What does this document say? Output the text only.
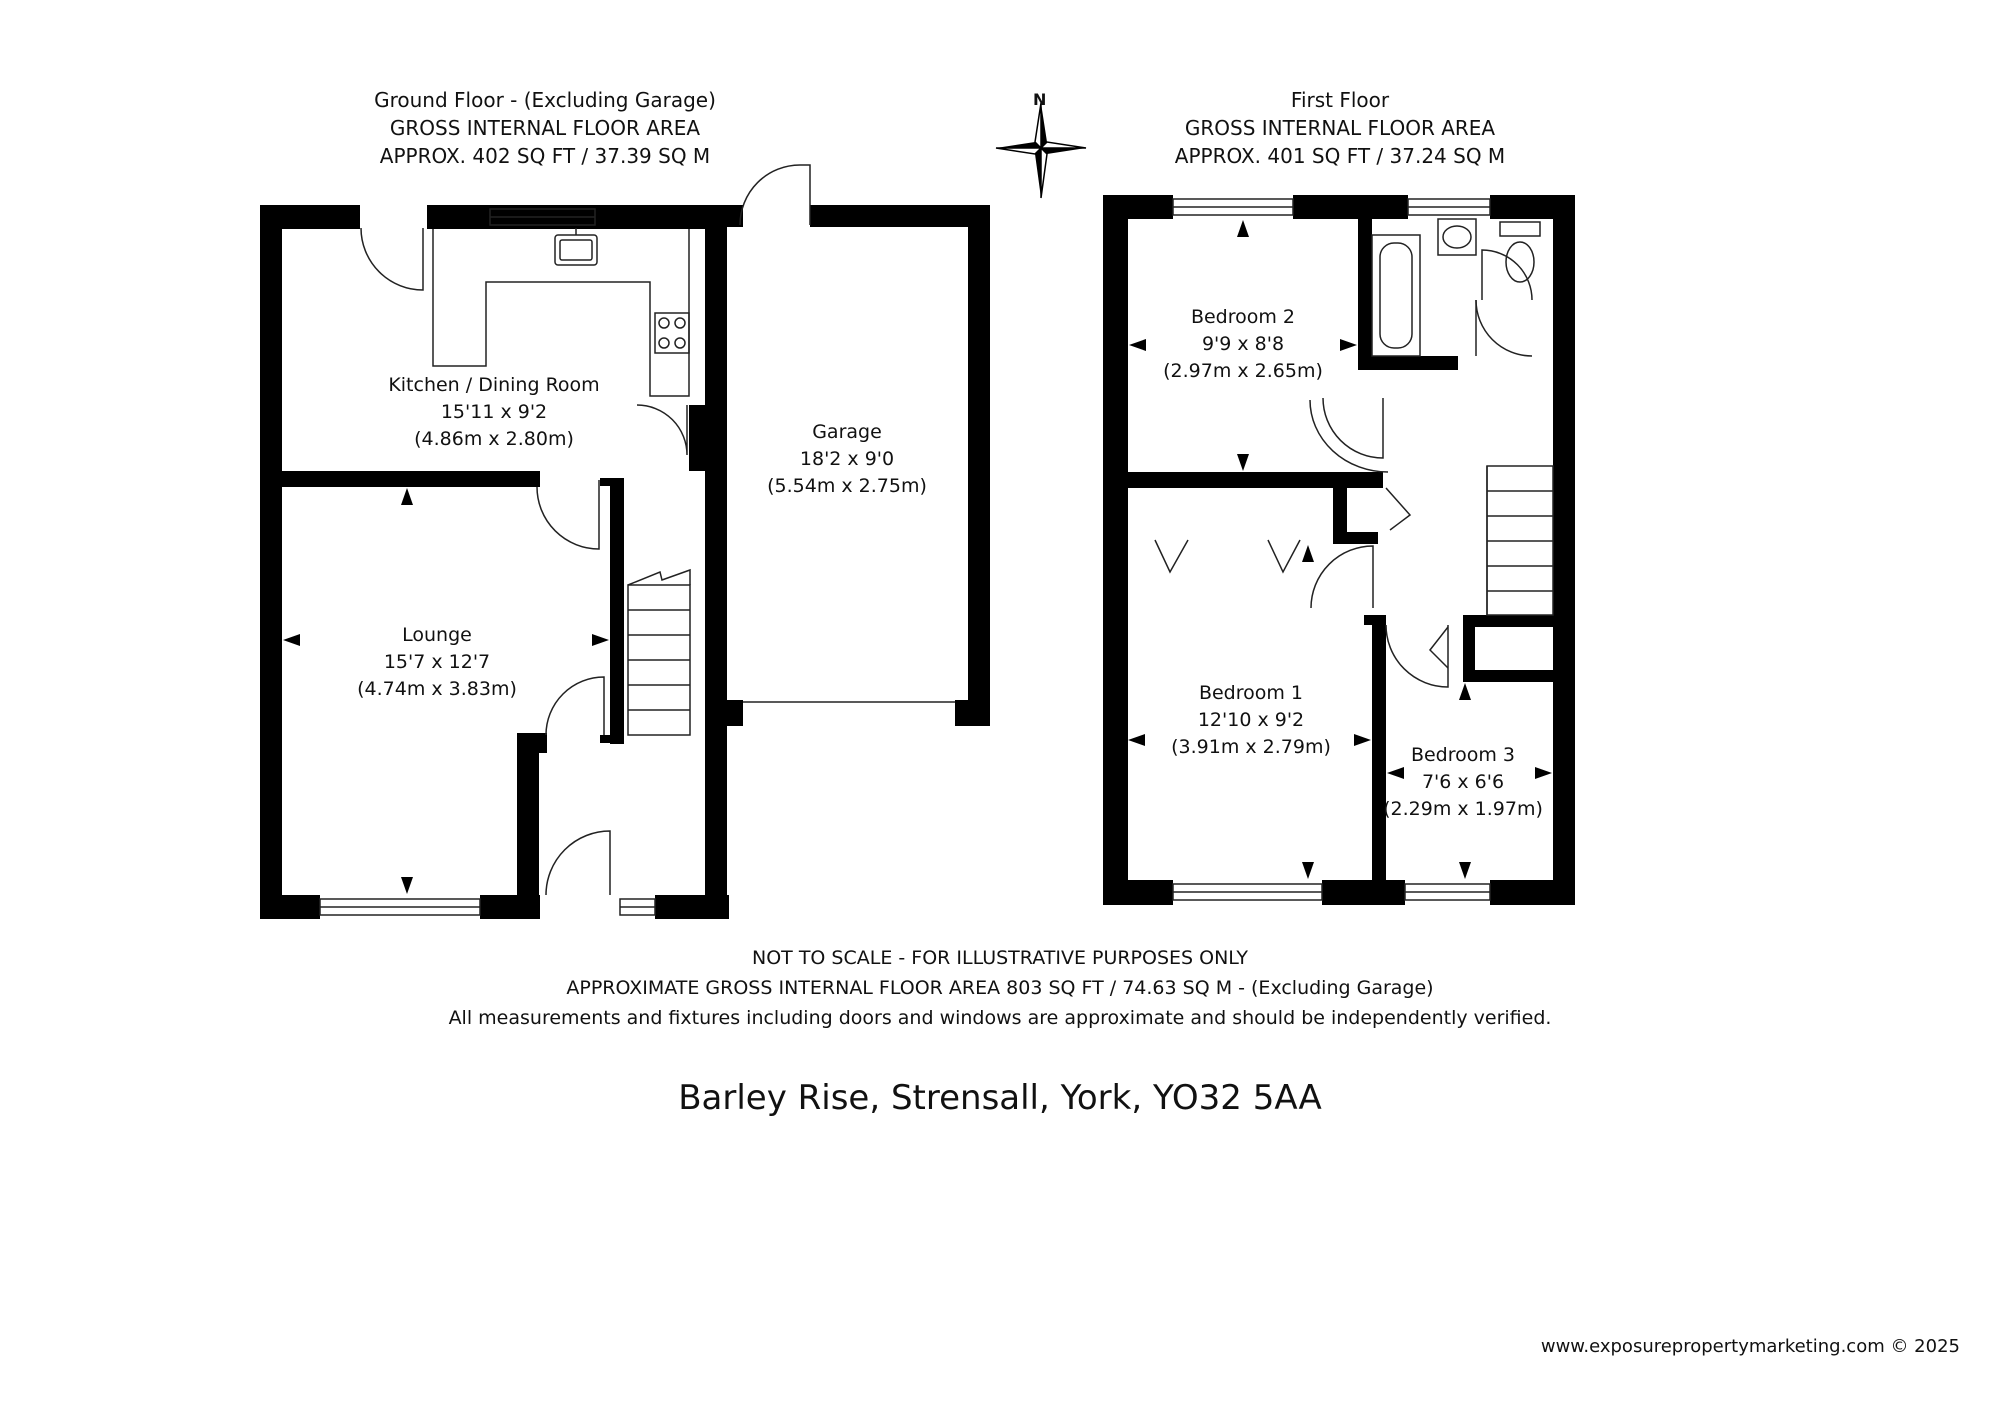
Ground Floor - (Excluding Garage)
GROSS INTERNAL FLOOR AREA
APPROX. 402 SQ FT / 37.39 SQ M
First Floor
GROSS INTERNAL FLOOR AREA
APPROX. 401 SQ FT / 37.24 SQ M
N
Kitchen / Dining Room
15'11 x 9'2
(4.86m x 2.80m)
Lounge
15'7 x 12'7
(4.74m x 3.83m)
Garage
18'2 x 9'0
(5.54m x 2.75m)
Bedroom 2
9'9 x 8'8
(2.97m x 2.65m)
Bedroom 1
12'10 x 9'2
(3.91m x 2.79m)	Bedroom 3
7'6 x 6'6
(2.29m x 1.97m)
NOT TO SCALE - FOR ILLUSTRATIVE PURPOSES ONLY
APPROXIMATE GROSS INTERNAL FLOOR AREA 803 SQ FT / 74.63 SQ M - (Excluding Garage)
All measurements and fixtures including doors and windows are approximate and should be independently verified.
Barley Rise, Strensall, York, YO32 5AA
www.exposurepropertymarketing.com © 2025
